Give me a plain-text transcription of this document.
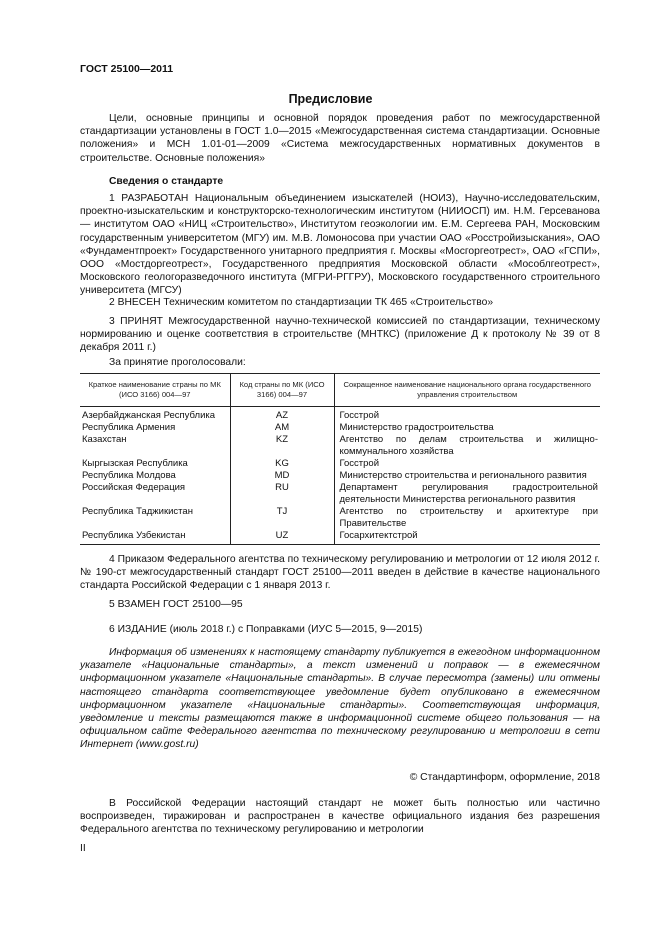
ГОСТ 25100—2011
Предисловие
Цели, основные принципы и основной порядок проведения работ по межгосударственной стандартизации установлены в ГОСТ 1.0—2015 «Межгосударственная система стандартизации. Основные положения» и МСН 1.01-01—2009 «Система межгосударственных нормативных документов в строительстве. Основные положения»
Сведения о стандарте
1 РАЗРАБОТАН Национальным объединением изыскателей (НОИЗ), Научно-исследовательским, проектно-изыскательским и конструкторско-технологическим институтом (НИИОСП) им. Н.М. Герсеванова — институтом ОАО «НИЦ «Строительство», Институтом геоэкологии им. Е.М. Сергеева РАН, Московским государственным университетом (МГУ) им. М.В. Ломоносова при участии ОАО «Росстройизыскания», ОАО «Фундаментпроект» Государственного унитарного предприятия г. Москвы «Мосгоргеотрест», ОАО «ГСПИ», ООО «Мостдоргеотрест», Государственного предприятия Московской области «Мособлгеотрест», Московского геологоразведочного института (МГРИ-РГГРУ), Московского государственного строительного университета (МГСУ)
2 ВНЕСЕН Техническим комитетом по стандартизации ТК 465 «Строительство»
3 ПРИНЯТ Межгосударственной научно-технической комиссией по стандартизации, техническому нормированию и оценке соответствия в строительстве (МНТКС) (приложение Д к протоколу № 39 от 8 декабря 2011 г.)
За принятие проголосовали:
Краткое наименование страны по МК (ИСО 3166) 004—97	Код страны по МК (ИСО 3166) 004—97	Сокращенное наименование национального органа государственного управления строительством
Азербайджанская Республика	AZ	Госстрой
Республика Армения	AM	Министерство градостроительства
Казахстан	KZ	Агентство по делам строительства и жилищно-коммунального хозяйства
Кыргызская Республика	KG	Госстрой
Республика Молдова	MD	Министерство строительства и регионального развития
Российская Федерация	RU	Департамент регулирования градостроительной деятельности Министерства регионального развития
Республика Таджикистан	TJ	Агентство по строительству и архитектуре при Правительстве
Республика Узбекистан	UZ	Госархитектстрой
4 Приказом Федерального агентства по техническому регулированию и метрологии от 12 июля 2012 г. № 190-ст межгосударственный стандарт ГОСТ 25100—2011 введен в действие в качестве национального стандарта Российской Федерации с 1 января 2013 г.
5 ВЗАМЕН ГОСТ 25100—95
6 ИЗДАНИЕ (июль 2018 г.) с Поправками (ИУС 5—2015, 9—2015)
Информация об изменениях к настоящему стандарту публикуется в ежегодном информационном указателе «Национальные стандарты», а текст изменений и поправок — в ежемесячном информационном указателе «Национальные стандарты». В случае пересмотра (замены) или отмены настоящего стандарта соответствующее уведомление будет опубликовано в ежемесячном информационном указателе «Национальные стандарты». Соответствующая информация, уведомление и тексты размещаются также в информационной системе общего пользования — на официальном сайте Федерального агентства по техническому регулированию и метрологии в сети Интернет (www.gost.ru)
© Стандартинформ, оформление, 2018
В Российской Федерации настоящий стандарт не может быть полностью или частично воспроизведен, тиражирован и распространен в качестве официального издания без разрешения Федерального агентства по техническому регулированию и метрологии
II
